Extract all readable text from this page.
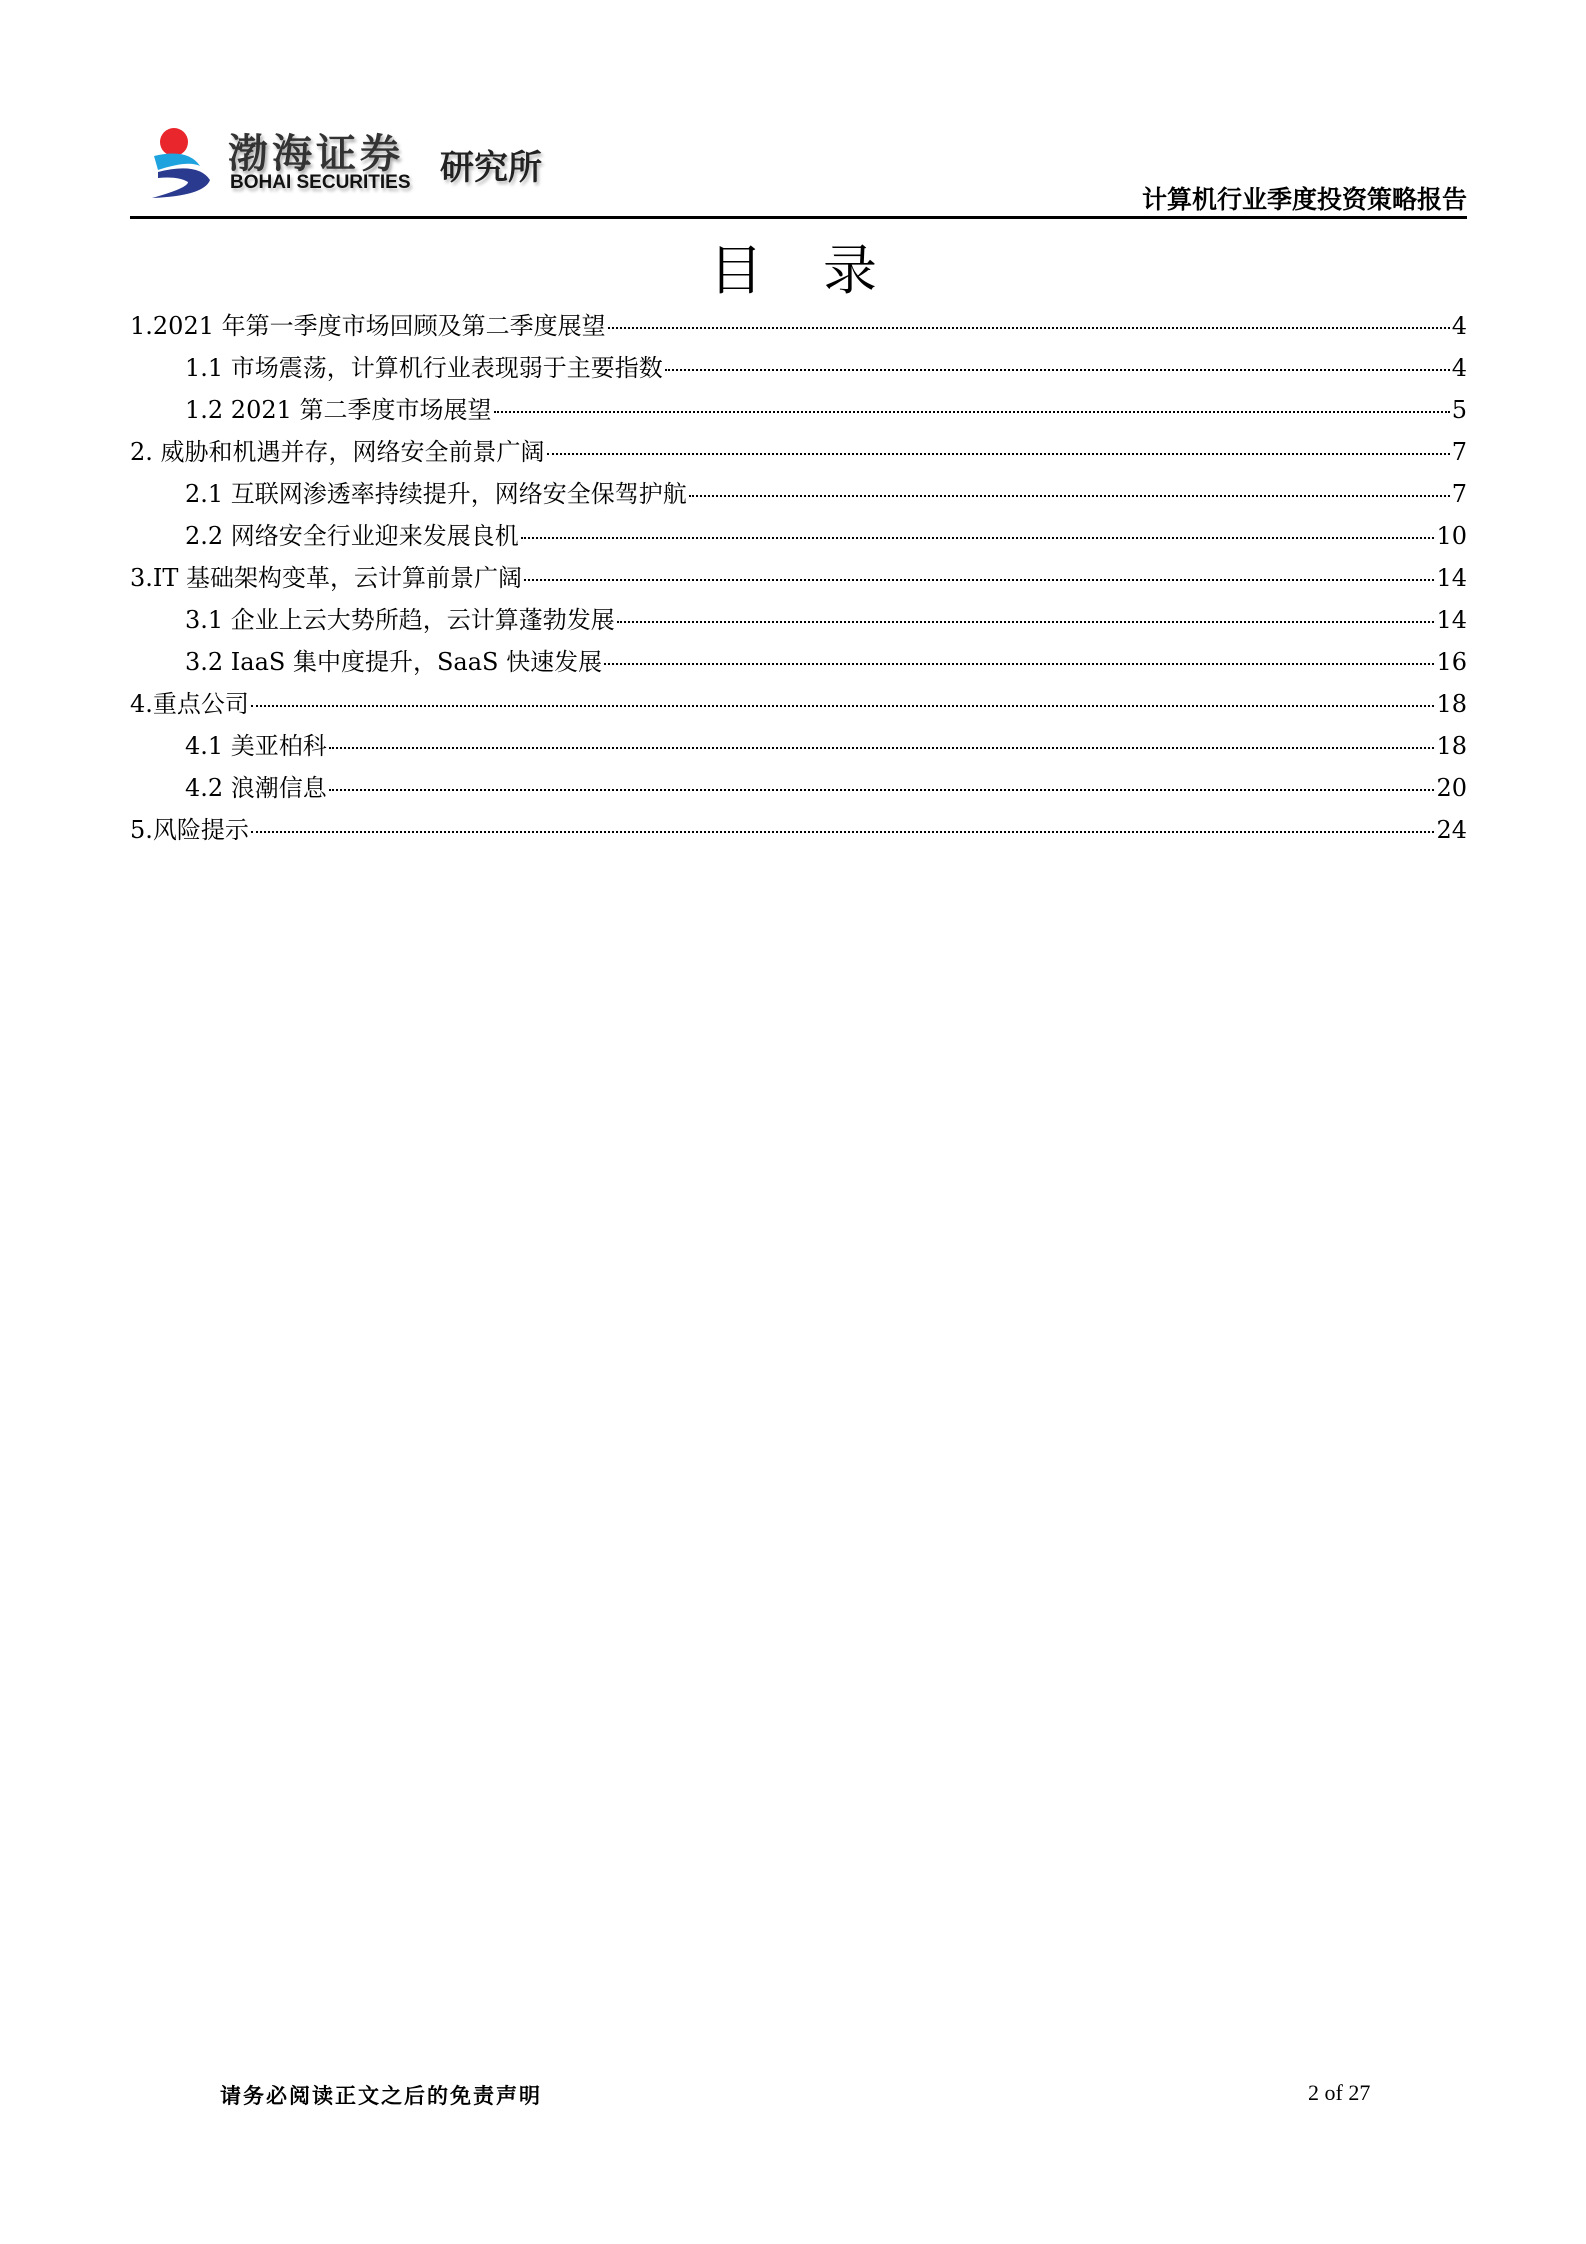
渤海证券
BOHAI SECURITIES 研究所
计算机行业季度投资策略报告
目录
1.2021 年第一季度市场回顾及第二季度展望	4
1.1 市场震荡，计算机行业表现弱于主要指数	4
1.2 2021 第二季度市场展望	5
2. 威胁和机遇并存，网络安全前景广阔	7
2.1 互联网渗透率持续提升，网络安全保驾护航	7
2.2 网络安全行业迎来发展良机	10
3.IT 基础架构变革，云计算前景广阔	14
3.1 企业上云大势所趋，云计算蓬勃发展	14
3.2 IaaS 集中度提升，SaaS 快速发展	16
4.重点公司	18
4.1 美亚柏科	18
4.2 浪潮信息	20
5.风险提示	24
请务必阅读正文之后的免责声明	2 of 27
